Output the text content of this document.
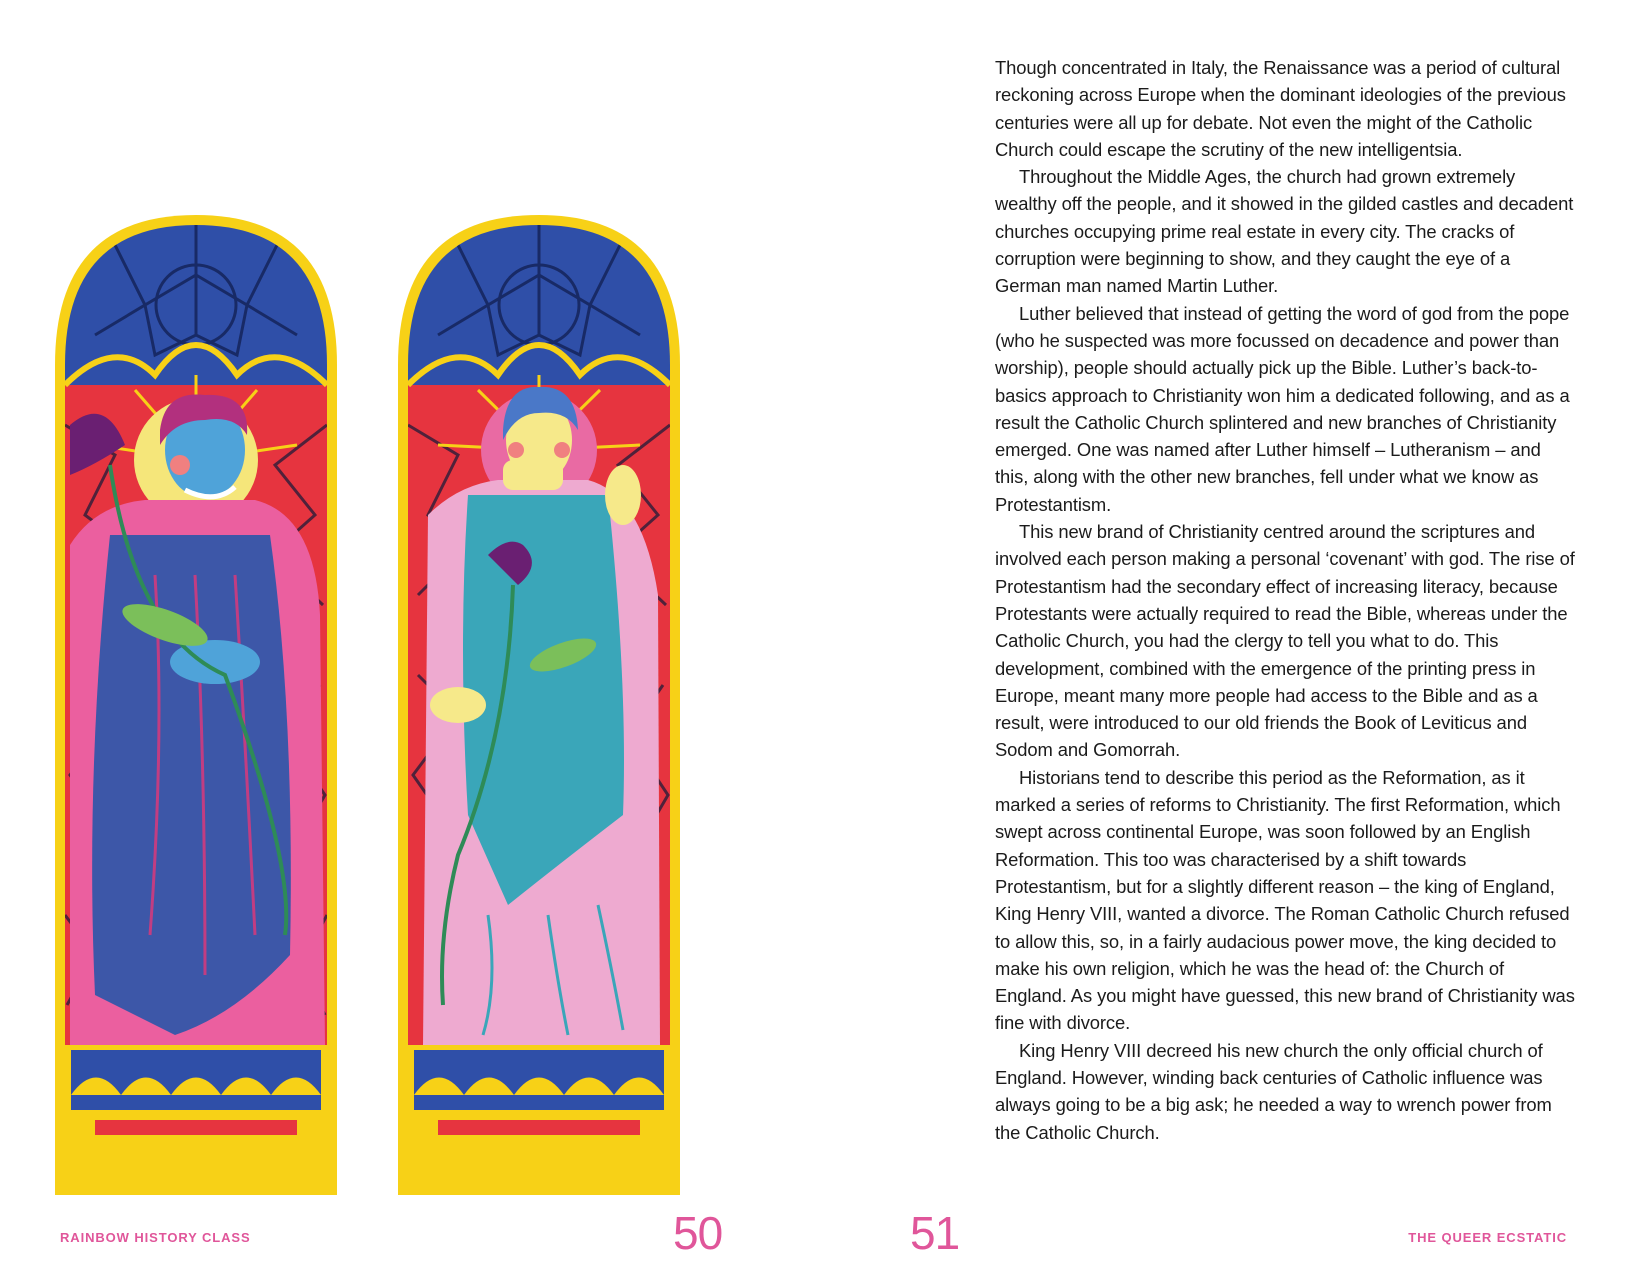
RAINBOW HISTORY CLASS	50	51

Though concentrated in Italy, the Renaissance was a period of cultural reckoning across Europe when the dominant ideologies of the previous centuries were all up for debate. Not even the might of the Catholic Church could escape the scrutiny of the new intelligentsia.

Throughout the Middle Ages, the church had grown extremely wealthy off the people, and it showed in the gilded castles and decadent churches occupying prime real estate in every city. The cracks of corruption were beginning to show, and they caught the eye of a German man named Martin Luther.

Luther believed that instead of getting the word of god from the pope (who he suspected was more focussed on decadence and power than worship), people should actually pick up the Bible. Luther’s back-to-basics approach to Christianity won him a dedicated following, and as a result the Catholic Church splintered and new branches of Christianity emerged. One was named after Luther himself – Lutheranism – and this, along with the other new branches, fell under what we know as Protestantism.

This new brand of Christianity centred around the scriptures and involved each person making a personal ‘covenant’ with god. The rise of Protestantism had the secondary effect of increasing literacy, because Protestants were actually required to read the Bible, whereas under the Catholic Church, you had the clergy to tell you what to do. This development, combined with the emergence of the printing press in Europe, meant many more people had access to the Bible and as a result, were introduced to our old friends the Book of Leviticus and Sodom and Gomorrah.

Historians tend to describe this period as the Reformation, as it marked a series of reforms to Christianity. The first Reformation, which swept across continental Europe, was soon followed by an English Reformation. This too was characterised by a shift towards Protestantism, but for a slightly different reason – the king of England, King Henry VIII, wanted a divorce. The Roman Catholic Church refused to allow this, so, in a fairly audacious power move, the king decided to make his own religion, which he was the head of: the Church of England. As you might have guessed, this new brand of Christianity was fine with divorce.

King Henry VIII decreed his new church the only official church of England. However, winding back centuries of Catholic influence was always going to be a big ask; he needed a way to wrench power from the Catholic Church.

THE QUEER ECSTATIC
